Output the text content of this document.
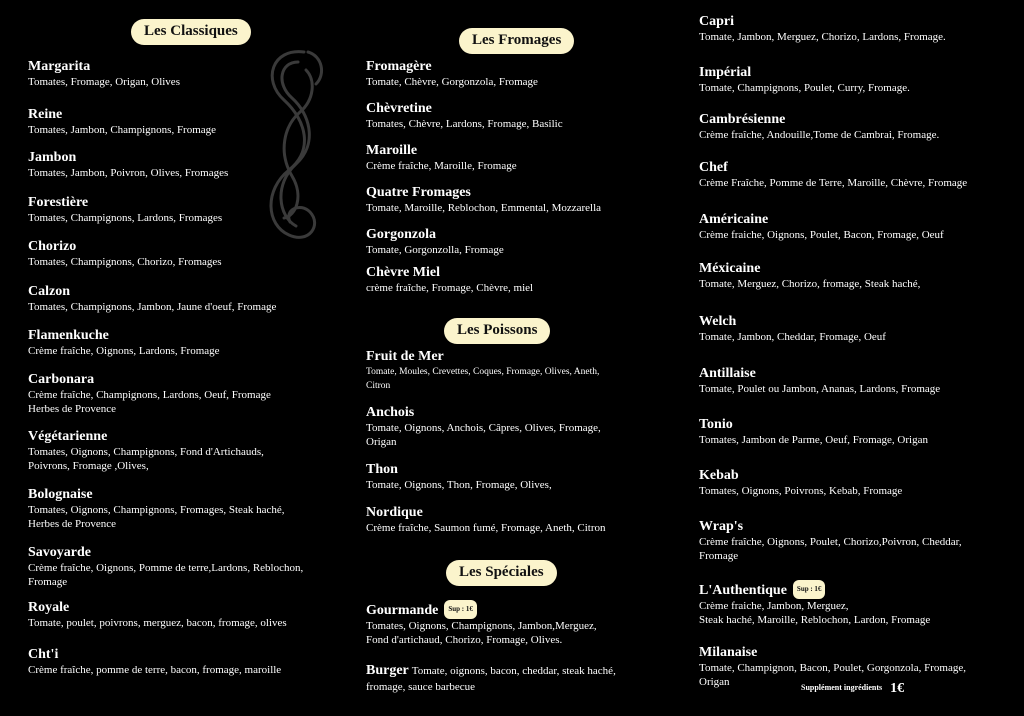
Les Classiques
Margarita
Tomates, Fromage, Origan, Olives
Reine
Tomates, Jambon, Champignons, Fromage
Jambon
Tomates, Jambon, Poivron, Olives, Fromages
Forestière
Tomates, Champignons, Lardons, Fromages
Chorizo
Tomates, Champignons, Chorizo, Fromages
Calzon
Tomates, Champignons, Jambon, Jaune d'oeuf, Fromage
Flamenkuche
Crème fraîche, Oignons, Lardons, Fromage
Carbonara
Crème fraîche, Champignons, Lardons, Oeuf, Fromage
Herbes de Provence
Végétarienne
Tomates, Oignons, Champignons, Fond d'Artichauds,
Poivrons, Fromage ,Olives,
Bolognaise
Tomates, Oignons, Champignons, Fromages, Steak haché,
Herbes de Provence
Savoyarde
Crème fraîche, Oignons, Pomme de terre,Lardons, Reblochon,
Fromage
Royale
Tomate, poulet, poivrons, merguez, bacon, fromage, olives
Cht'i
Crème fraîche, pomme de terre, bacon, fromage, maroille
Les Fromages
Fromagère
Tomate, Chèvre, Gorgonzola, Fromage
Chèvretine
Tomates, Chèvre, Lardons, Fromage, Basilic
Maroille
Crème fraîche, Maroille, Fromage
Quatre Fromages
Tomate, Maroille, Reblochon, Emmental, Mozzarella
Gorgonzola
Tomate, Gorgonzolla, Fromage
Chèvre Miel
crème fraîche, Fromage, Chèvre, miel
Les Poissons
Fruit de Mer
Tomate, Moules, Crevettes, Coques, Fromage, Olives, Aneth,
Citron
Anchois
Tomate, Oignons, Anchois, Câpres, Olives, Fromage,
Origan
Thon
Tomate, Oignons, Thon, Fromage, Olives,
Nordique
Crème fraîche, Saumon fumé, Fromage, Aneth, Citron
Les Spéciales
Gourmande Sup : 1€
Tomates, Oignons, Champignons, Jambon,Merguez,
Fond d'artichaud, Chorizo, Fromage, Olives.
Burger Tomate, oignons, bacon, cheddar, steak haché,
fromage, sauce barbecue
Capri
Tomate, Jambon, Merguez, Chorizo, Lardons, Fromage.
Impérial
Tomate, Champignons, Poulet, Curry, Fromage.
Cambrésienne
Crème fraîche, Andouille,Tome de Cambrai, Fromage.
Chef
Crème Fraîche, Pomme de Terre, Maroille, Chèvre, Fromage
Américaine
Crème fraiche, Oignons, Poulet, Bacon, Fromage, Oeuf
Méxicaine
Tomate, Merguez, Chorizo, fromage, Steak haché,
Welch
Tomate, Jambon, Cheddar, Fromage, Oeuf
Antillaise
Tomate, Poulet ou Jambon, Ananas, Lardons, Fromage
Tonio
Tomates, Jambon de Parme, Oeuf, Fromage, Origan
Kebab
Tomates, Oignons, Poivrons, Kebab, Fromage
Wrap's
Crème fraîche, Oignons, Poulet, Chorizo,Poivron, Cheddar,
Fromage
L'Authentique Sup : 1€
Crème fraiche, Jambon, Merguez,
Steak haché, Maroille, Reblochon, Lardon, Fromage
Milanaise
Tomate, Champignon, Bacon, Poulet, Gorgonzola, Fromage,
Origan	Supplément ingrédients 1€
